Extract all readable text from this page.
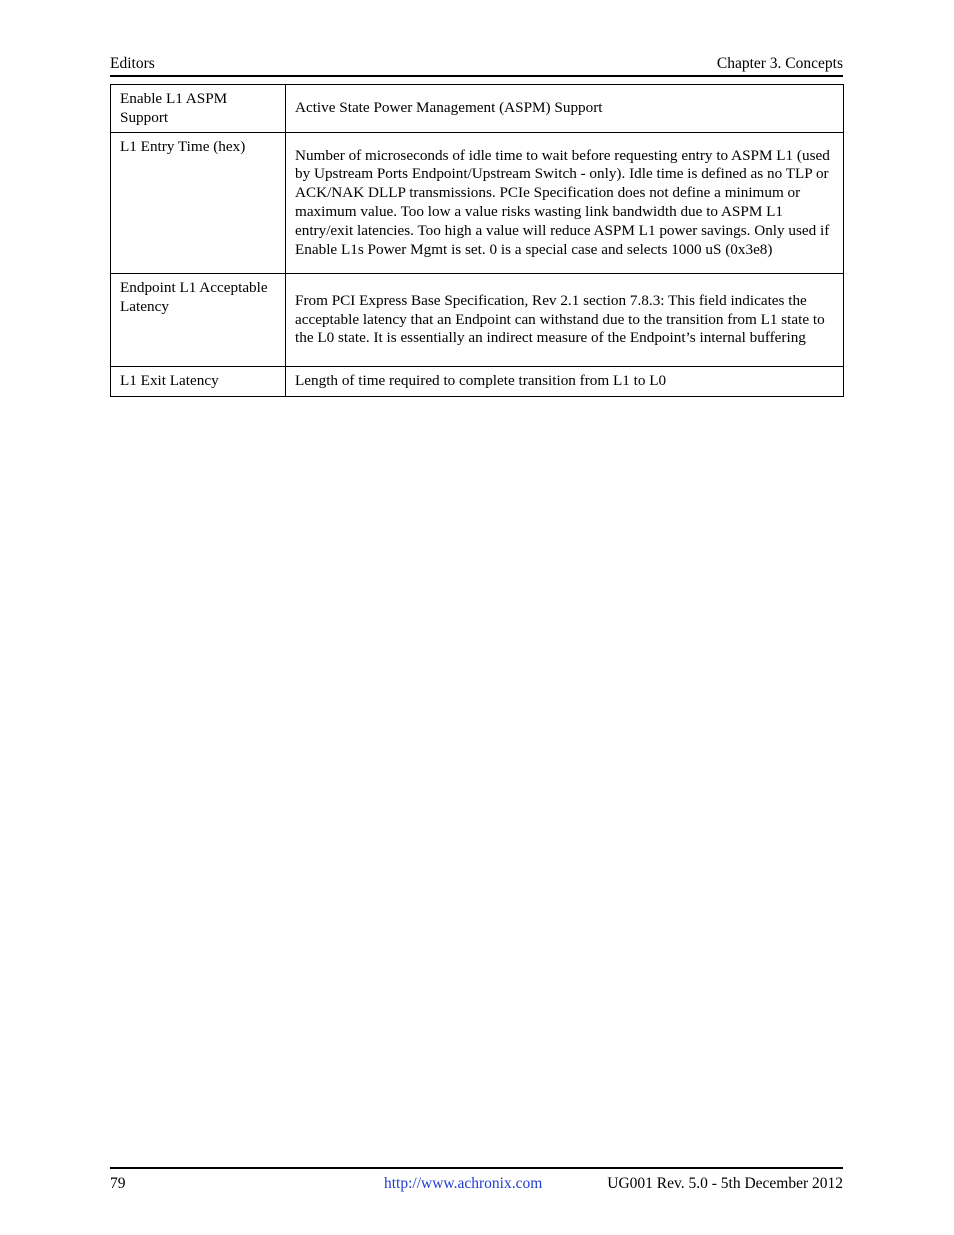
Editors	Chapter 3. Concepts
Enable L1 ASPM Support	Active State Power Management (ASPM) Support
L1 Entry Time (hex)	Number of microseconds of idle time to wait before requesting entry to ASPM L1 (used by Upstream Ports Endpoint/Upstream Switch - only). Idle time is defined as no TLP or ACK/NAK DLLP transmissions. PCIe Specification does not define a minimum or maximum value. Too low a value risks wasting link bandwidth due to ASPM L1 entry/exit latencies. Too high a value will reduce ASPM L1 power savings. Only used if Enable L1s Power Mgmt is set. 0 is a special case and selects 1000 uS (0x3e8)
Endpoint L1 Acceptable Latency	From PCI Express Base Specification, Rev 2.1 section 7.8.3: This field indicates the acceptable latency that an Endpoint can withstand due to the transition from L1 state to the L0 state. It is essentially an indirect measure of the Endpoint’s internal buffering
L1 Exit Latency	Length of time required to complete transition from L1 to L0
79	http://www.achronix.com	UG001 Rev. 5.0 - 5th December 2012
